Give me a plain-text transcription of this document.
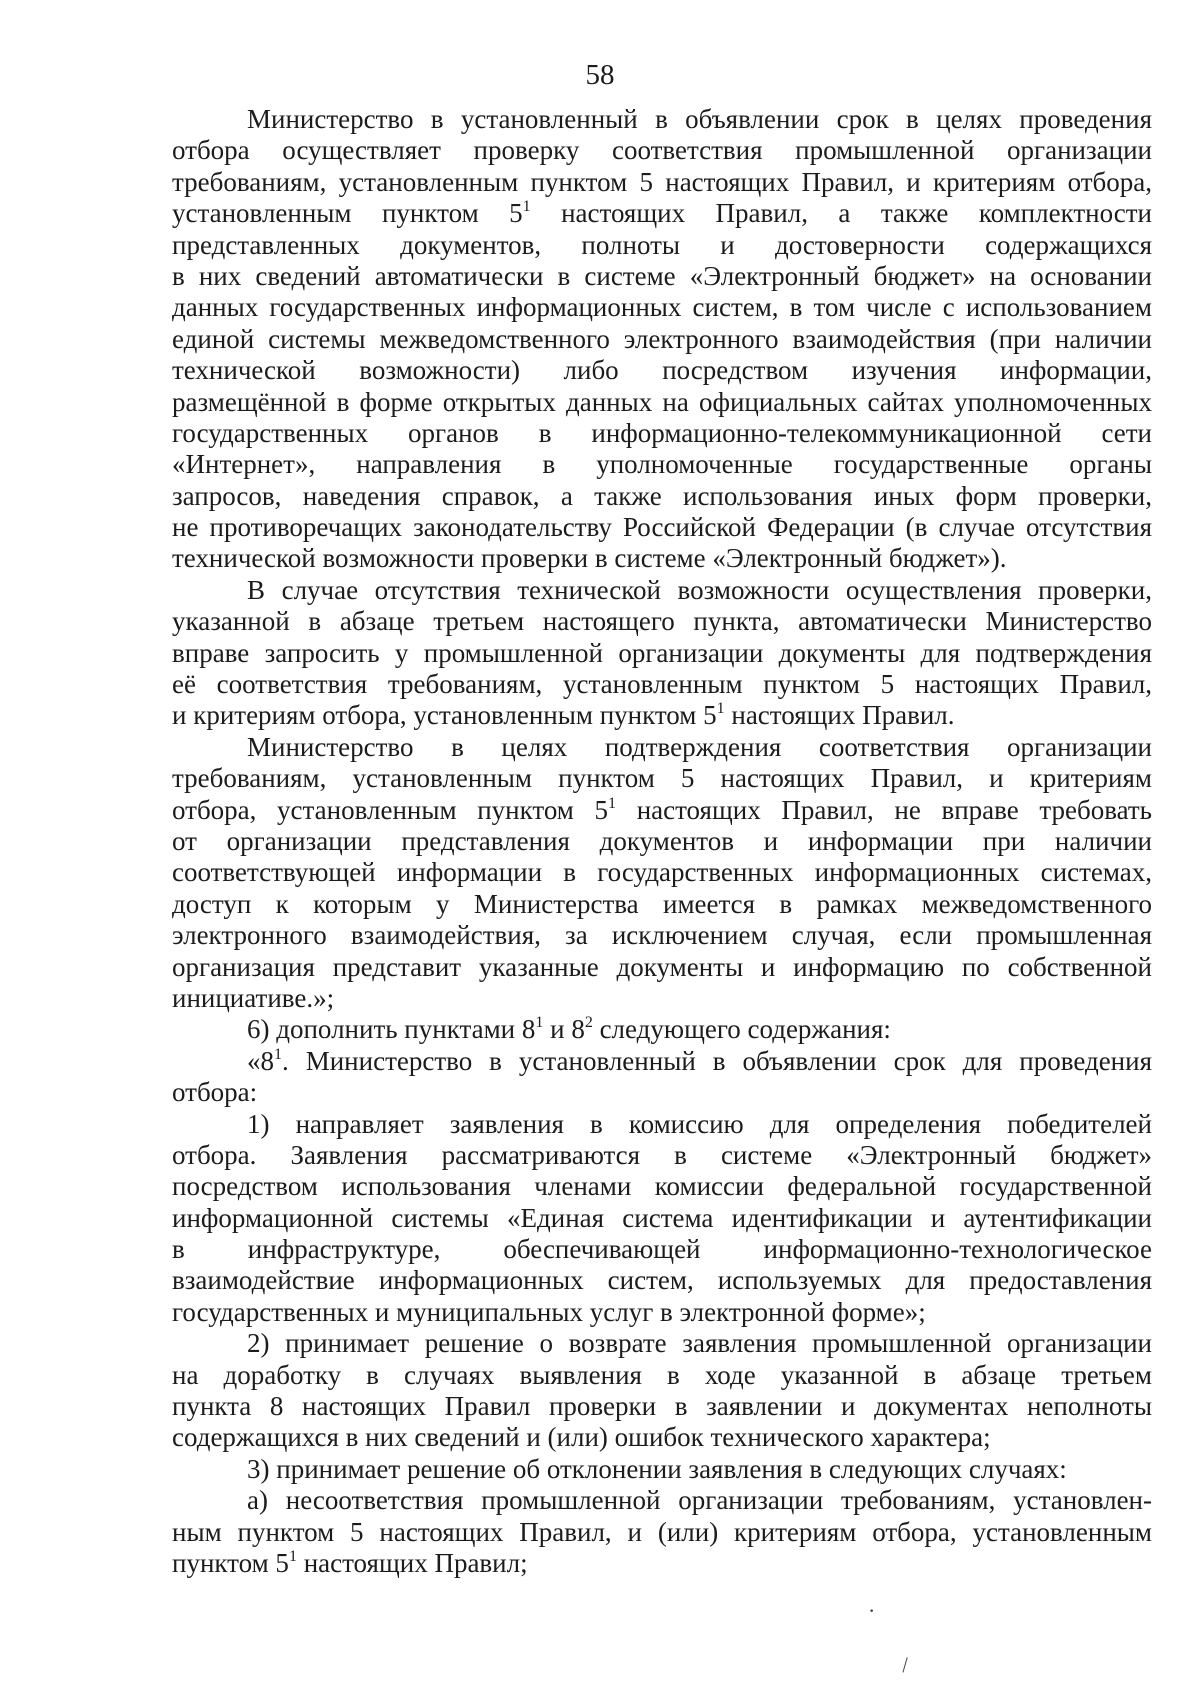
58
Министерство в установленный в объявлении срок в целях проведения
отбора осуществляет проверку соответствия промышленной организации
требованиям, установленным пунктом 5 настоящих Правил, и критериям отбора,
установленным пунктом $5^1$ настоящих Правил, а также комплектности
представленных документов, полноты и достоверности содержащихся
в них сведений автоматически в системе «Электронный бюджет» на основании
данных государственных информационных систем, в том числе с использованием
единой системы межведомственного электронного взаимодействия (при наличии
технической возможности) либо посредством изучения информации,
размещённой в форме открытых данных на официальных сайтах уполномоченных
государственных органов в информационно-телекоммуникационной сети
«Интернет», направления в уполномоченные государственные органы
запросов, наведения справок, а также использования иных форм проверки,
не противоречащих законодательству Российской Федерации (в случае отсутствия
технической возможности проверки в системе «Электронный бюджет»).
В случае отсутствия технической возможности осуществления проверки,
указанной в абзаце третьем настоящего пункта, автоматически Министерство
вправе запросить у промышленной организации документы для подтверждения
её соответствия требованиям, установленным пунктом 5 настоящих Правил,
и критериям отбора, установленным пунктом $5^1$ настоящих Правил.
Министерство в целях подтверждения соответствия организации
требованиям, установленным пунктом 5 настоящих Правил, и критериям
отбора, установленным пунктом $5^1$ настоящих Правил, не вправе требовать
от организации представления документов и информации при наличии
соответствующей информации в государственных информационных системах,
доступ к которым у Министерства имеется в рамках межведомственного
электронного взаимодействия, за исключением случая, если промышленная
организация представит указанные документы и информацию по собственной
инициативе.»;
6) дополнить пунктами $8^1$ и $8^2$ следующего содержания:
«$8^1$. Министерство в установленный в объявлении срок для проведения
отбора:
1) направляет заявления в комиссию для определения победителей
отбора. Заявления рассматриваются в системе «Электронный бюджет»
посредством использования членами комиссии федеральной государственной
информационной системы «Единая система идентификации и аутентификации
в инфраструктуре, обеспечивающей информационно-технологическое
взаимодействие информационных систем, используемых для предоставления
государственных и муниципальных услуг в электронной форме»;
2) принимает решение о возврате заявления промышленной организации
на доработку в случаях выявления в ходе указанной в абзаце третьем
пункта 8 настоящих Правил проверки в заявлении и документах неполноты
содержащихся в них сведений и (или) ошибок технического характера;
3) принимает решение об отклонении заявления в следующих случаях:
а) несоответствия промышленной организации требованиям, установлен-
ным пунктом 5 настоящих Правил, и (или) критериям отбора, установленным
пунктом $5^1$ настоящих Правил;
·
\
